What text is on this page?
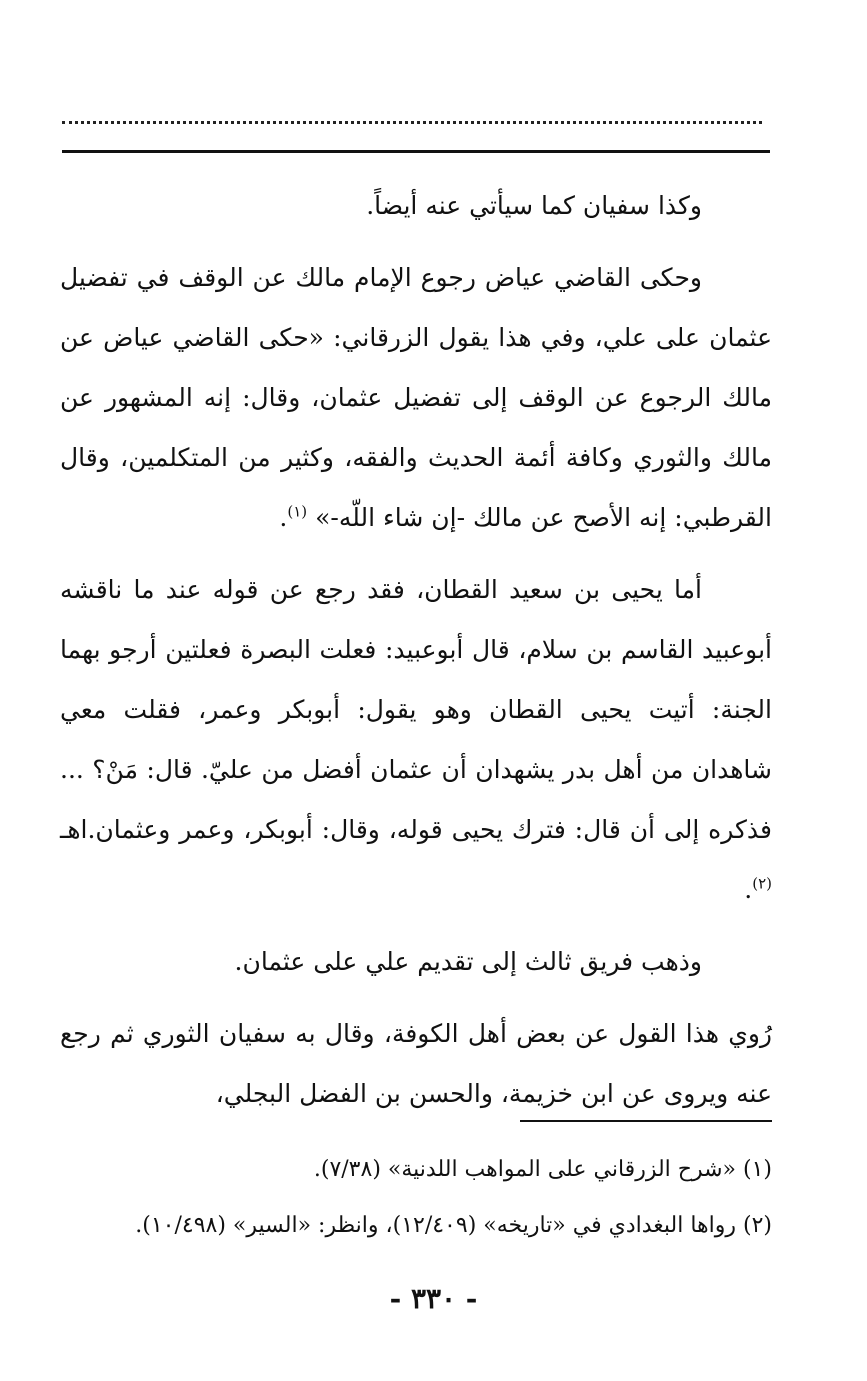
وكذا سفيان كما سيأتي عنه أيضاً.

وحكى القاضي عياض رجوع الإمام مالك عن الوقف في تفضيل عثمان على علي، وفي هذا يقول الزرقاني: «حكى القاضي عياض عن مالك الرجوع عن الوقف إلى تفضيل عثمان، وقال: إنه المشهور عن مالك والثوري وكافة أئمة الحديث والفقه، وكثير من المتكلمين، وقال القرطبي: إنه الأصح عن مالك -إن شاء اللّه-» $^{(١)}$.

أما يحيى بن سعيد القطان، فقد رجع عن قوله عند ما ناقشه أبوعبيد القاسم بن سلام، قال أبوعبيد: فعلت البصرة فعلتين أرجو بهما الجنة: أتيت يحيى القطان وهو يقول: أبوبكر وعمر، فقلت معي شاهدان من أهل بدر يشهدان أن عثمان أفضل من عليّ. قال: مَنْ؟ ... فذكره إلى أن قال: فترك يحيى قوله، وقال: أبوبكر، وعمر وعثمان.اهـ $^{(٢)}$.

وذهب فريق ثالث إلى تقديم علي على عثمان.

رُوي هذا القول عن بعض أهل الكوفة، وقال به سفيان الثوري ثم رجع عنه ويروى عن ابن خزيمة، والحسن بن الفضل البجلي،

(١) «شرح الزرقاني على المواهب اللدنية» (٧/٣٨).
(٢) رواها البغدادي في «تاريخه» (١٢/٤٠٩)، وانظر: «السير» (١٠/٤٩٨).
- ٣٣٠ -
